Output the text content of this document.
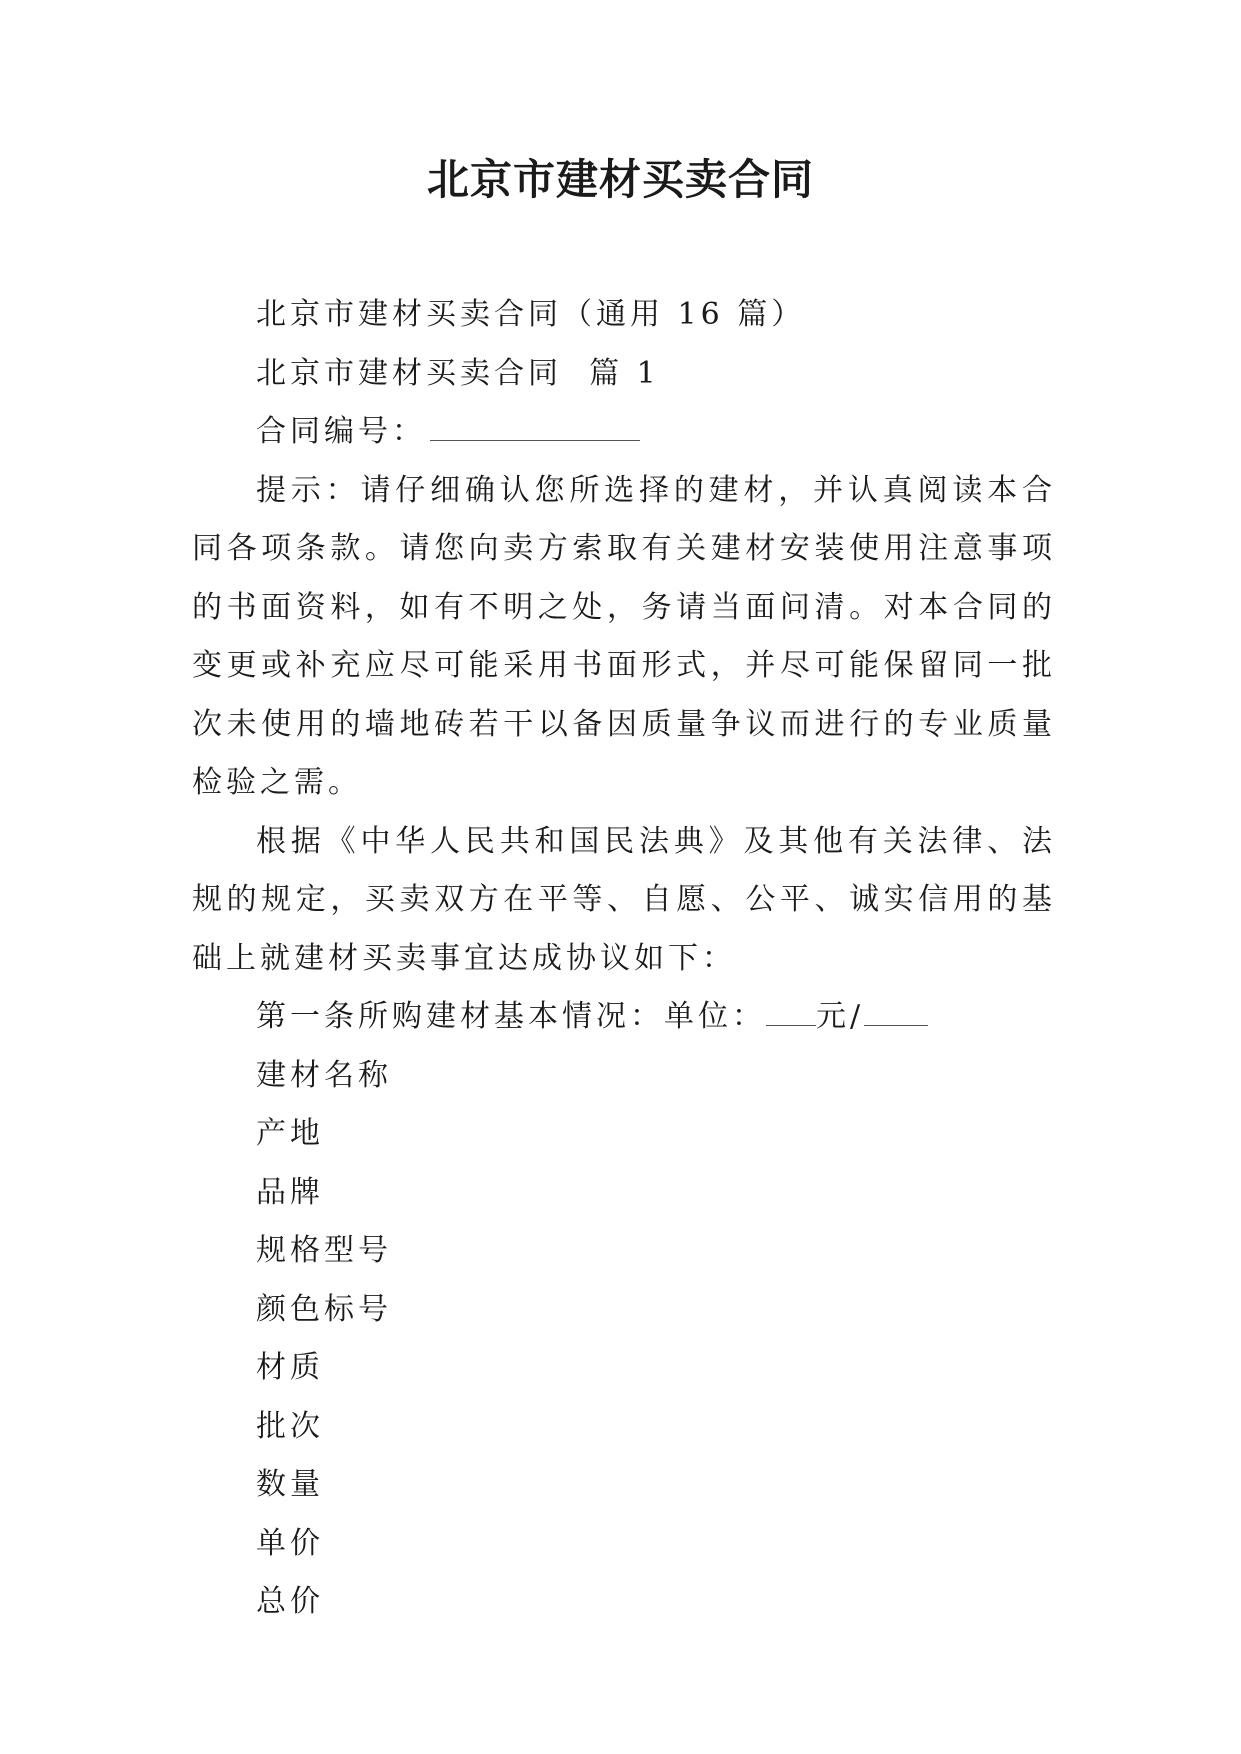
北京市建材买卖合同

北京市建材买卖合同（通用 16 篇）

北京市建材买卖合同  篇 1

合同编号：

提示：请仔细确认您所选择的建材，并认真阅读本合同各项条款。请您向卖方索取有关建材安装使用注意事项的书面资料，如有不明之处，务请当面问清。对本合同的变更或补充应尽可能采用书面形式，并尽可能保留同一批次未使用的墙地砖若干以备因质量争议而进行的专业质量检验之需。

根据《中华人民共和国民法典》及其他有关法律、法规的规定，买卖双方在平等、自愿、公平、诚实信用的基础上就建材买卖事宜达成协议如下：

第一条所购建材基本情况：单位： 元/

建材名称

产地

品牌

规格型号

颜色标号

材质

批次

数量

单价

总价
